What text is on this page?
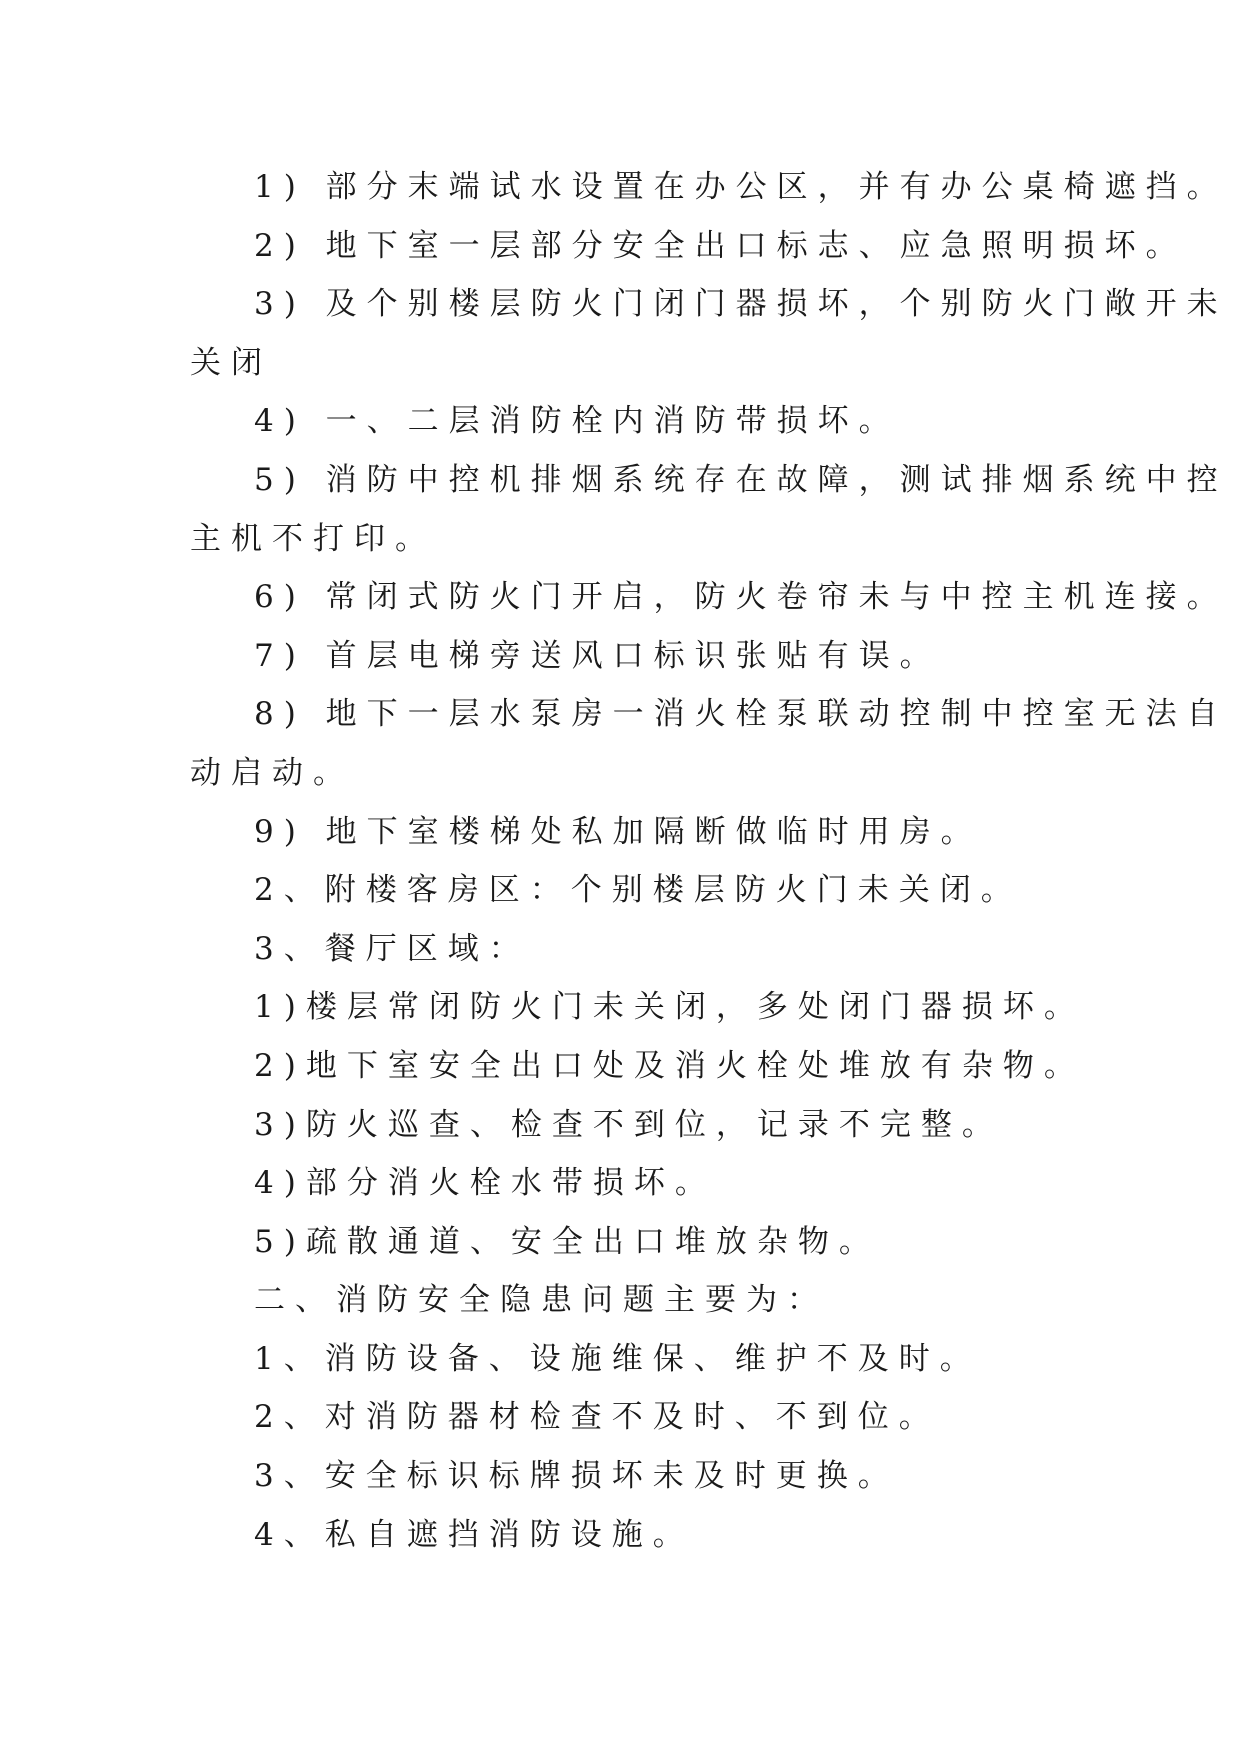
1) 部分末端试水设置在办公区，并有办公桌椅遮挡。

2) 地下室一层部分安全出口标志、应急照明损坏。

3) 及个别楼层防火门闭门器损坏，个别防火门敞开未

关闭

4) 一、二层消防栓内消防带损坏。

5) 消防中控机排烟系统存在故障，测试排烟系统中控

主机不打印。

6) 常闭式防火门开启，防火卷帘未与中控主机连接。

7) 首层电梯旁送风口标识张贴有误。

8) 地下一层水泵房一消火栓泵联动控制中控室无法自

动启动。

9) 地下室楼梯处私加隔断做临时用房。

2、附楼客房区：个别楼层防火门未关闭。

3、餐厅区域：

1)楼层常闭防火门未关闭，多处闭门器损坏。

2)地下室安全出口处及消火栓处堆放有杂物。

3)防火巡查、检查不到位，记录不完整。

4)部分消火栓水带损坏。

5)疏散通道、安全出口堆放杂物。

二、消防安全隐患问题主要为：

1、消防设备、设施维保、维护不及时。

2、对消防器材检查不及时、不到位。

3、安全标识标牌损坏未及时更换。

4、私自遮挡消防设施。
